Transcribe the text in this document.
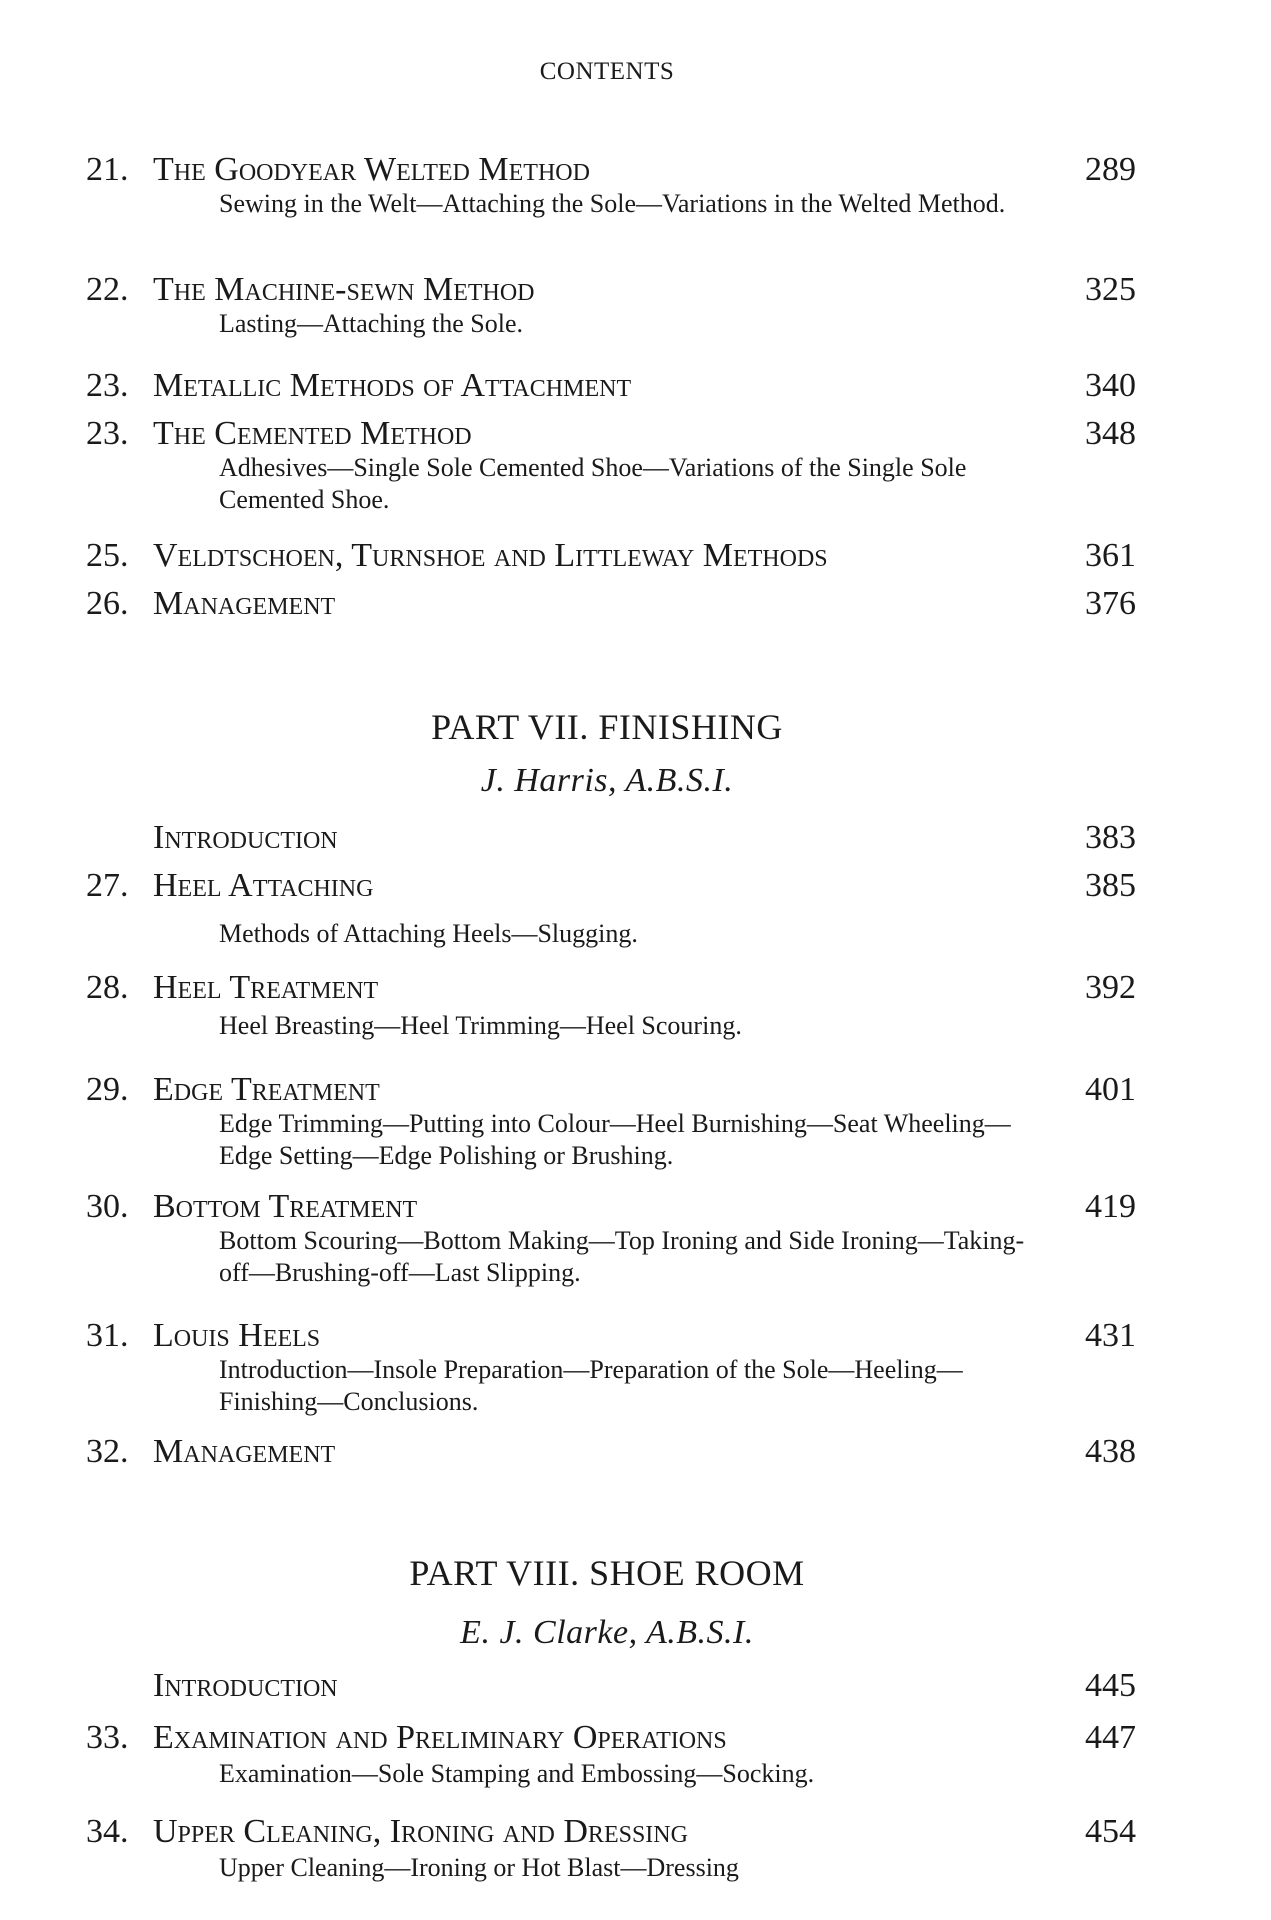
CONTENTS
21. The Goodyear Welted Method	289
Sewing in the Welt—Attaching the Sole—Variations in the Welted Method.
22. The Machine-sewn Method	325
Lasting—Attaching the Sole.
23. Metallic Methods of Attachment	340
23. The Cemented Method	348
Adhesives—Single Sole Cemented Shoe—Variations of the Single Sole Cemented Shoe.
25. Veldtschoen, Turnshoe and Littleway Methods	361
26. Management	376
PART VII. FINISHING
J. Harris, A.B.S.I.
Introduction	383
27. Heel Attaching	385
Methods of Attaching Heels—Slugging.
28. Heel Treatment	392
Heel Breasting—Heel Trimming—Heel Scouring.
29. Edge Treatment	401
Edge Trimming—Putting into Colour—Heel Burnishing—Seat Wheeling—Edge Setting—Edge Polishing or Brushing.
30. Bottom Treatment	419
Bottom Scouring—Bottom Making—Top Ironing and Side Ironing—Taking-off—Brushing-off—Last Slipping.
31. Louis Heels	431
Introduction—Insole Preparation—Preparation of the Sole—Heeling—Finishing—Conclusions.
32. Management	438
PART VIII. SHOE ROOM
E. J. Clarke, A.B.S.I.
Introduction	445
33. Examination and Preliminary Operations	447
Examination—Sole Stamping and Embossing—Socking.
34. Upper Cleaning, Ironing and Dressing	454
Upper Cleaning—Ironing or Hot Blast—Dressing
